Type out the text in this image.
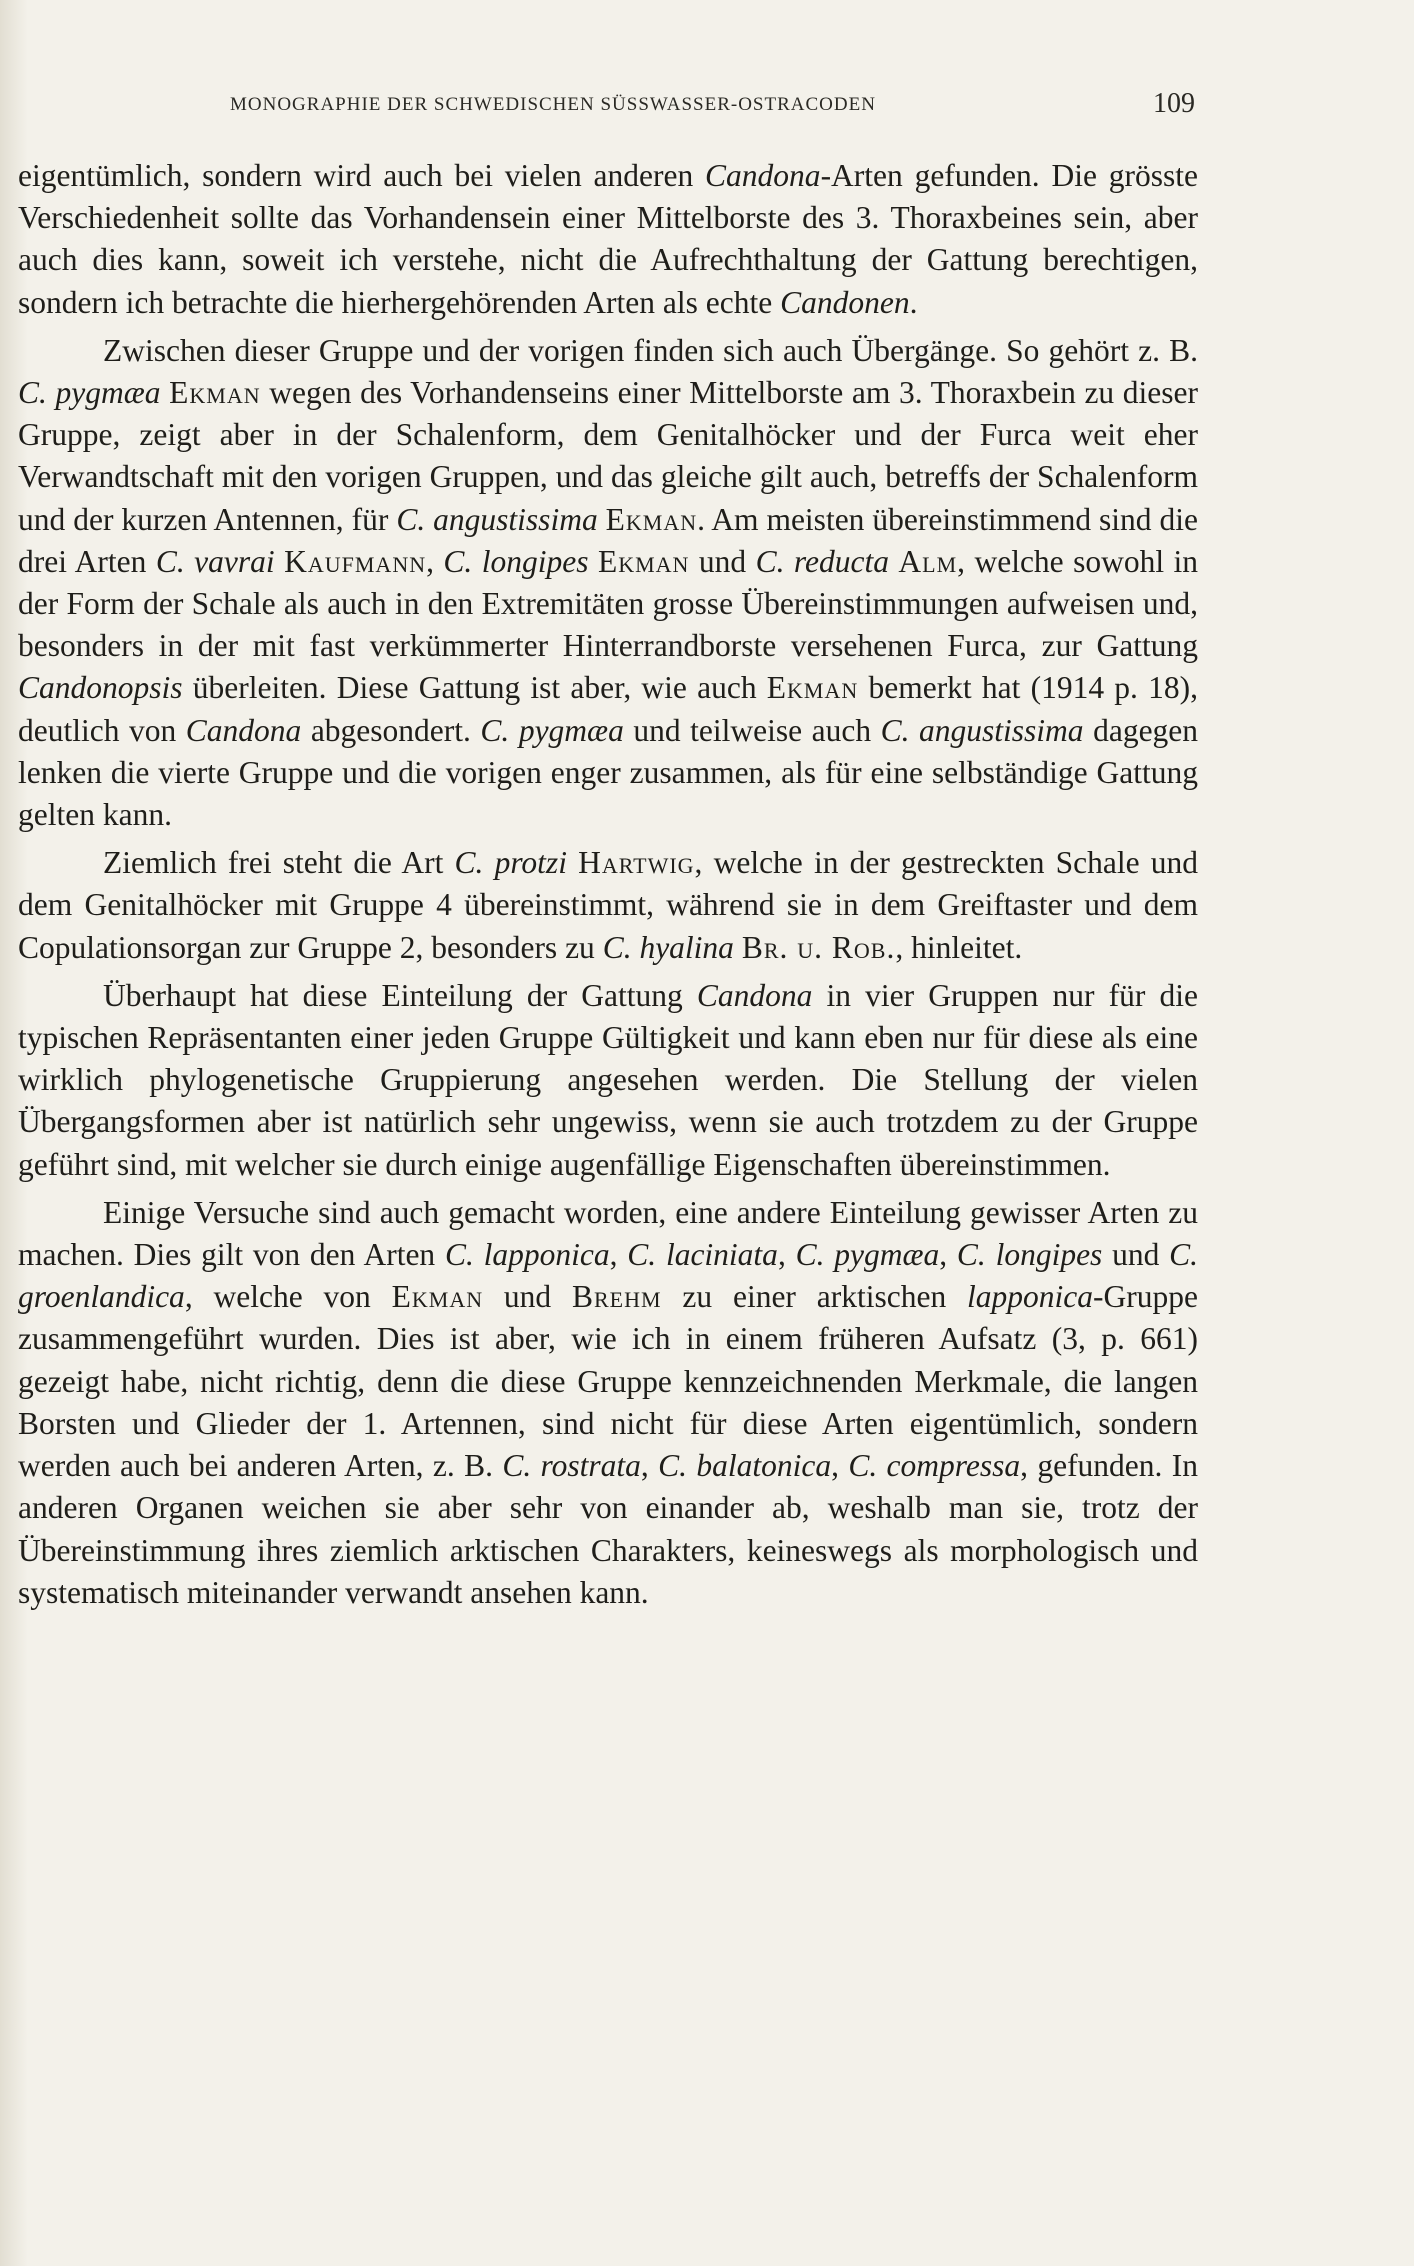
MONOGRAPHIE DER SCHWEDISCHEN SÜSSWASSER-OSTRACODEN	109

eigentümlich, sondern wird auch bei vielen anderen Candona-Arten gefunden. Die grösste Verschiedenheit sollte das Vorhandensein einer Mittelborste des 3. Thoraxbeines sein, aber auch dies kann, soweit ich verstehe, nicht die Aufrechthaltung der Gattung berechtigen, sondern ich betrachte die hierhergehörenden Arten als echte Candonen.

Zwischen dieser Gruppe und der vorigen finden sich auch Übergänge. So gehört z. B. C. pygmæa Ekman wegen des Vorhandenseins einer Mittelborste am 3. Thoraxbein zu dieser Gruppe, zeigt aber in der Schalenform, dem Genitalhöcker und der Furca weit eher Verwandtschaft mit den vorigen Gruppen, und das gleiche gilt auch, betreffs der Schalenform und der kurzen Antennen, für C. angustissima Ekman. Am meisten übereinstimmend sind die drei Arten C. vavrai Kaufmann, C. longipes Ekman und C. reducta Alm, welche sowohl in der Form der Schale als auch in den Extremitäten grosse Übereinstimmungen aufweisen und, besonders in der mit fast verkümmerter Hinterrandborste versehenen Furca, zur Gattung Candonopsis überleiten. Diese Gattung ist aber, wie auch Ekman bemerkt hat (1914 p. 18), deutlich von Candona abgesondert. C. pygmæa und teilweise auch C. angustissima dagegen lenken die vierte Gruppe und die vorigen enger zusammen, als für eine selbständige Gattung gelten kann.

Ziemlich frei steht die Art C. protzi Hartwig, welche in der gestreckten Schale und dem Genitalhöcker mit Gruppe 4 übereinstimmt, während sie in dem Greiftaster und dem Copulationsorgan zur Gruppe 2, besonders zu C. hyalina Br. u. Rob., hinleitet.

Überhaupt hat diese Einteilung der Gattung Candona in vier Gruppen nur für die typischen Repräsentanten einer jeden Gruppe Gültigkeit und kann eben nur für diese als eine wirklich phylogenetische Gruppierung angesehen werden. Die Stellung der vielen Übergangsformen aber ist natürlich sehr ungewiss, wenn sie auch trotzdem zu der Gruppe geführt sind, mit welcher sie durch einige augenfällige Eigenschaften übereinstimmen.

Einige Versuche sind auch gemacht worden, eine andere Einteilung gewisser Arten zu machen. Dies gilt von den Arten C. lapponica, C. laciniata, C. pygmæa, C. longipes und C. groenlandica, welche von Ekman und Brehm zu einer arktischen lapponica-Gruppe zusammengeführt wurden. Dies ist aber, wie ich in einem früheren Aufsatz (3, p. 661) gezeigt habe, nicht richtig, denn die diese Gruppe kennzeichnenden Merkmale, die langen Borsten und Glieder der 1. Artennen, sind nicht für diese Arten eigentümlich, sondern werden auch bei anderen Arten, z. B. C. rostrata, C. balatonica, C. compressa, gefunden. In anderen Organen weichen sie aber sehr von einander ab, weshalb man sie, trotz der Übereinstimmung ihres ziemlich arktischen Charakters, keineswegs als morphologisch und systematisch miteinander verwandt ansehen kann.
